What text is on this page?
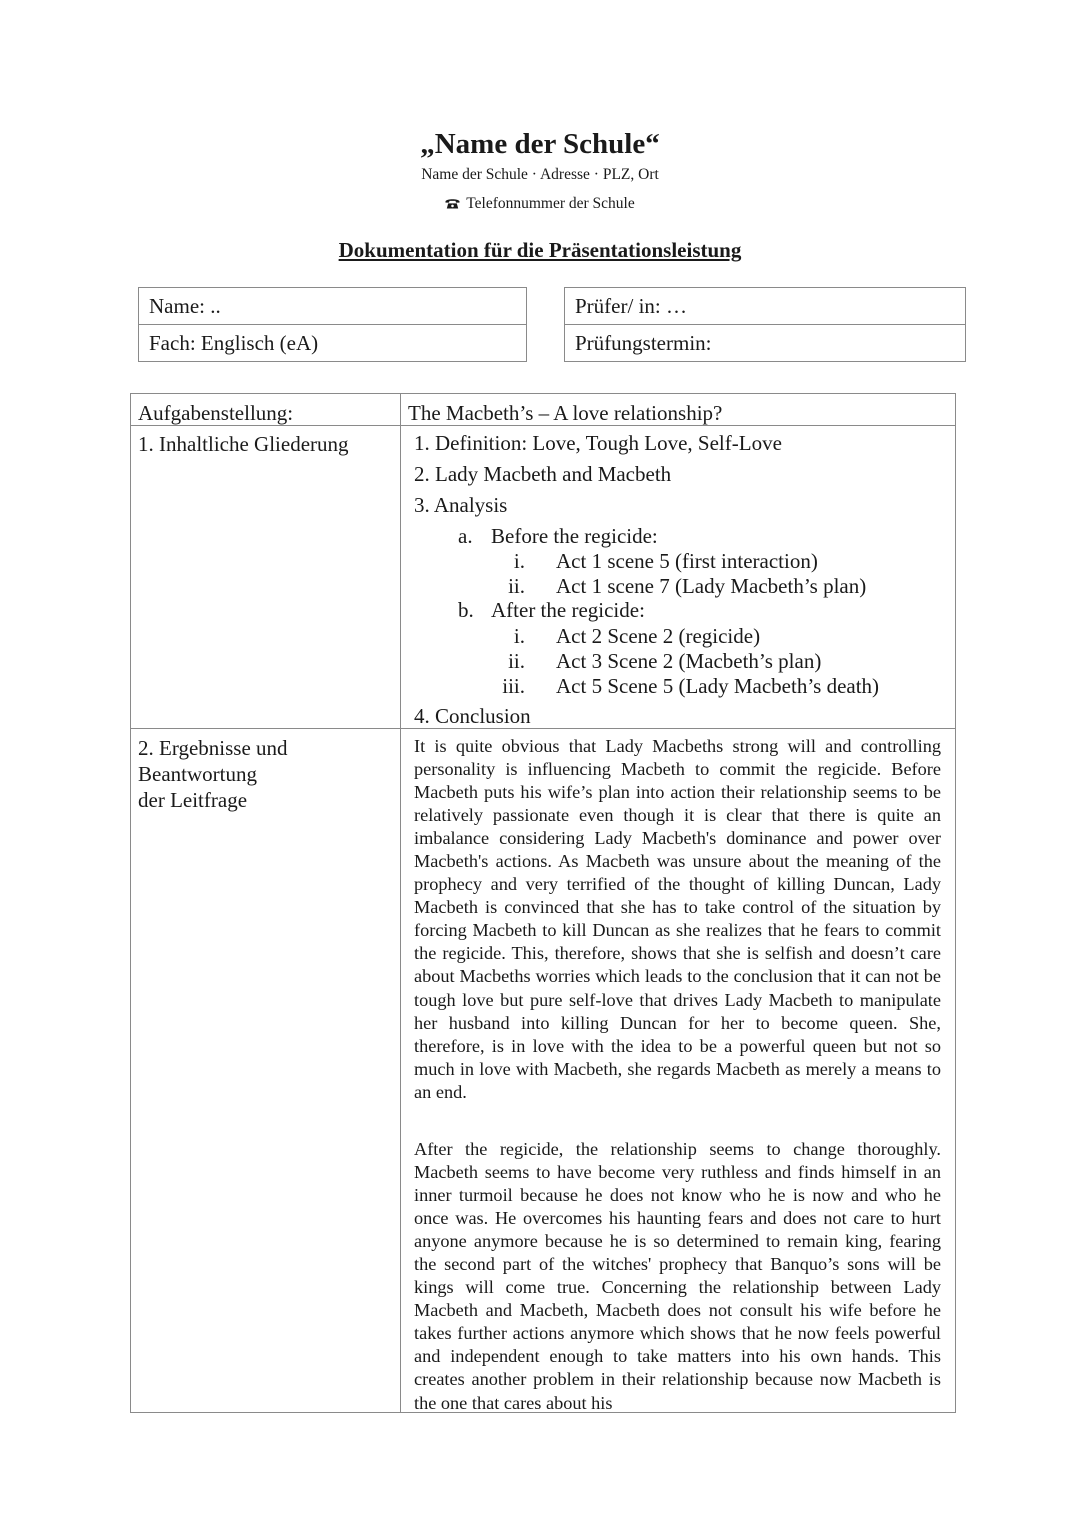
„Name der Schule“
Name der Schule · Adresse · PLZ, Ort
Telefonnummer der Schule
Dokumentation für die Präsentationsleistung
Name: ..
Fach: Englisch (eA)
Prüfer/ in: …
Prüfungstermin:
Aufgabenstellung:	The Macbeth’s – A love relationship?
1. Inhaltliche Gliederung	1. Definition: Love, Tough Love, Self-Love
2. Lady Macbeth and Macbeth
3. Analysis
a. Before the regicide:
i. Act 1 scene 5 (first interaction)
ii. Act 1 scene 7 (Lady Macbeth’s plan)
b. After the regicide:
i. Act 2 Scene 2 (regicide)
ii. Act 3 Scene 2 (Macbeth’s plan)
iii. Act 5 Scene 5 (Lady Macbeth’s death)
4. Conclusion
2. Ergebnisse und
Beantwortung
der Leitfrage
It is quite obvious that Lady Macbeths strong will and controlling personality is influencing Macbeth to commit the regicide. Before Macbeth puts his wife’s plan into action their relationship seems to be relatively passionate even though it is clear that there is quite an imbalance considering Lady Macbeth's dominance and power over Macbeth's actions. As Macbeth was unsure about the meaning of the prophecy and very terrified of the thought of killing Duncan, Lady Macbeth is convinced that she has to take control of the situation by forcing Macbeth to kill Duncan as she realizes that he fears to commit the regicide. This, therefore, shows that she is selfish and doesn’t care about Macbeths worries which leads to the conclusion that it can not be tough love but pure self-love that drives Lady Macbeth to manipulate her husband into killing Duncan for her to become queen. She, therefore, is in love with the idea to be a powerful queen but not so much in love with Macbeth, she regards Macbeth as merely a means to an end.
After the regicide, the relationship seems to change thoroughly. Macbeth seems to have become very ruthless and finds himself in an inner turmoil because he does not know who he is now and who he once was. He overcomes his haunting fears and does not care to hurt anyone anymore because he is so determined to remain king, fearing the second part of the witches' prophecy that Banquo’s sons will be kings will come true. Concerning the relationship between Lady Macbeth and Macbeth, Macbeth does not consult his wife before he takes further actions anymore which shows that he now feels powerful and independent enough to take matters into his own hands. This creates another problem in their relationship because now Macbeth is the one that cares about his
